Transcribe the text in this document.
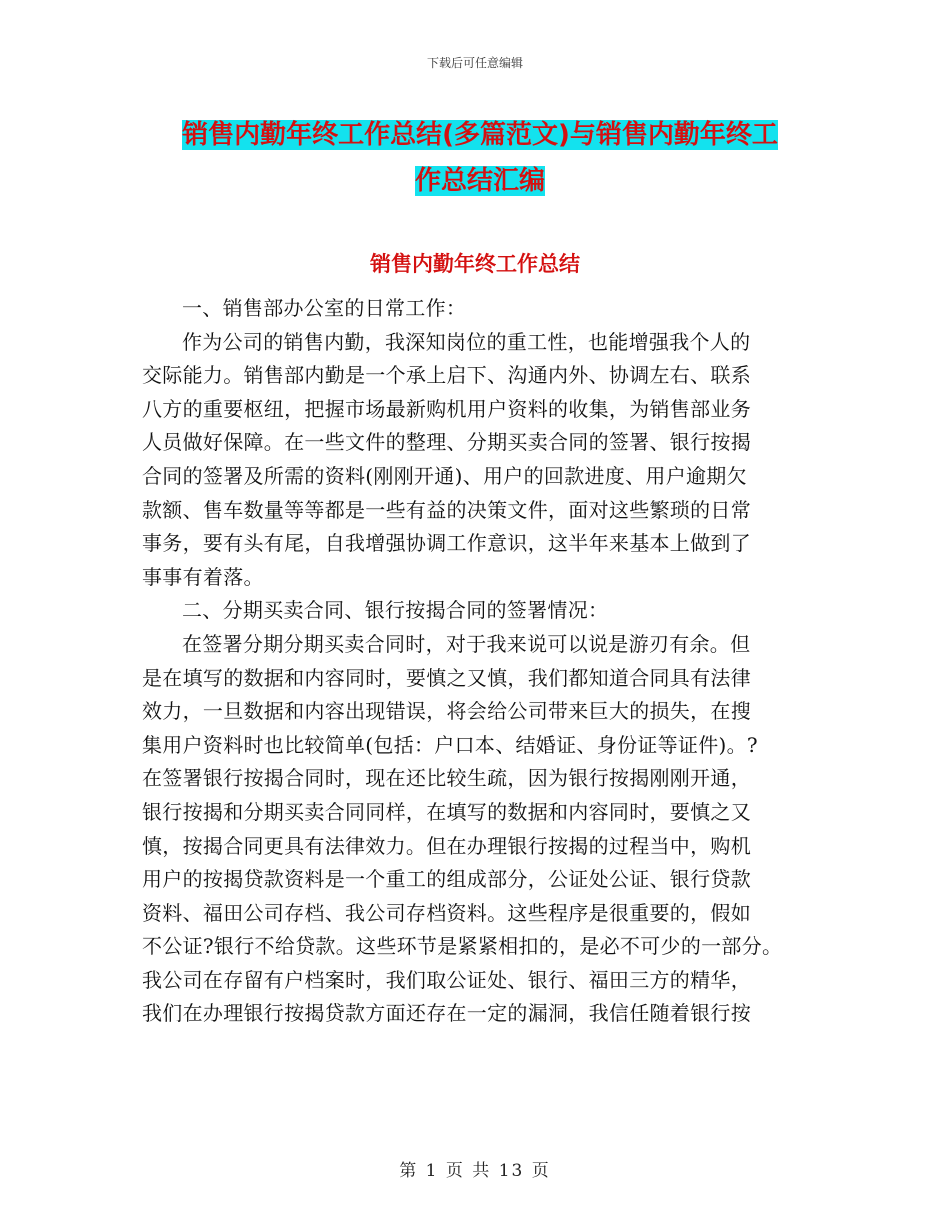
下载后可任意编辑
销售内勤年终工作总结(多篇范文)与销售内勤年终工
作总结汇编
销售内勤年终工作总结

一、销售部办公室的日常工作：

作为公司的销售内勤，我深知岗位的重工性，也能增强我个人的
交际能力。销售部内勤是一个承上启下、沟通内外、协调左右、联系
八方的重要枢纽，把握市场最新购机用户资料的收集，为销售部业务
人员做好保障。在一些文件的整理、分期买卖合同的签署、银行按揭
合同的签署及所需的资料(刚刚开通)、用户的回款进度、用户逾期欠
款额、售车数量等等都是一些有益的决策文件，面对这些繁琐的日常
事务，要有头有尾，自我增强协调工作意识，这半年来基本上做到了
事事有着落。

二、分期买卖合同、银行按揭合同的签署情况：

在签署分期分期买卖合同时，对于我来说可以说是游刃有余。但
是在填写的数据和内容同时，要慎之又慎，我们都知道合同具有法律
效力，一旦数据和内容出现错误，将会给公司带来巨大的损失，在搜
集用户资料时也比较简单(包括：户口本、结婚证、身份证等证件)。?
在签署银行按揭合同时，现在还比较生疏，因为银行按揭刚刚开通，
银行按揭和分期买卖合同同样，在填写的数据和内容同时，要慎之又
慎，按揭合同更具有法律效力。但在办理银行按揭的过程当中，购机
用户的按揭贷款资料是一个重工的组成部分，公证处公证、银行贷款
资料、福田公司存档、我公司存档资料。这些程序是很重要的，假如
不公证?银行不给贷款。这些环节是紧紧相扣的，是必不可少的一部分。
我公司在存留有户档案时，我们取公证处、银行、福田三方的精华，
我们在办理银行按揭贷款方面还存在一定的漏洞，我信任随着银行按

第 1 页 共 13 页
